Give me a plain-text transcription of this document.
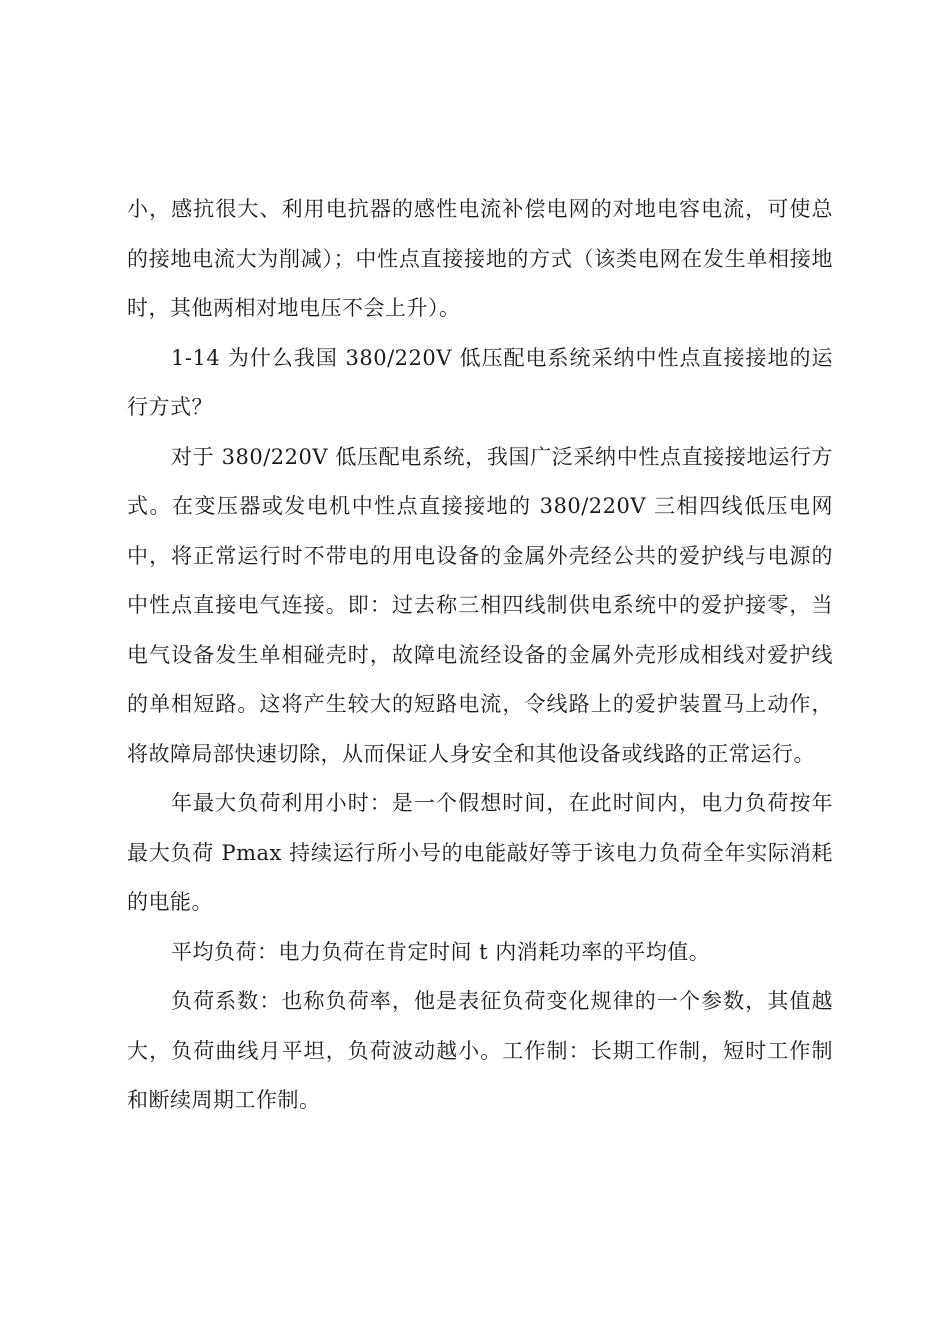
小，感抗很大、利用电抗器的感性电流补偿电网的对地电容电流，可使总的接地电流大为削减）；中性点直接接地的方式（该类电网在发生单相接地时，其他两相对地电压不会上升）。

1-14 为什么我国 380/220V 低压配电系统采纳中性点直接接地的运行方式？

对于 380/220V 低压配电系统，我国广泛采纳中性点直接接地运行方式。在变压器或发电机中性点直接接地的 380/220V 三相四线低压电网中，将正常运行时不带电的用电设备的金属外壳经公共的爱护线与电源的中性点直接电气连接。即：过去称三相四线制供电系统中的爱护接零，当电气设备发生单相碰壳时，故障电流经设备的金属外壳形成相线对爱护线的单相短路。这将产生较大的短路电流，令线路上的爱护装置马上动作，将故障局部快速切除，从而保证人身安全和其他设备或线路的正常运行。

年最大负荷利用小时：是一个假想时间，在此时间内，电力负荷按年最大负荷 Pmax 持续运行所小号的电能敲好等于该电力负荷全年实际消耗的电能。

平均负荷：电力负荷在肯定时间 t 内消耗功率的平均值。

负荷系数：也称负荷率，他是表征负荷变化规律的一个参数，其值越大，负荷曲线月平坦，负荷波动越小。工作制：长期工作制，短时工作制和断续周期工作制。
